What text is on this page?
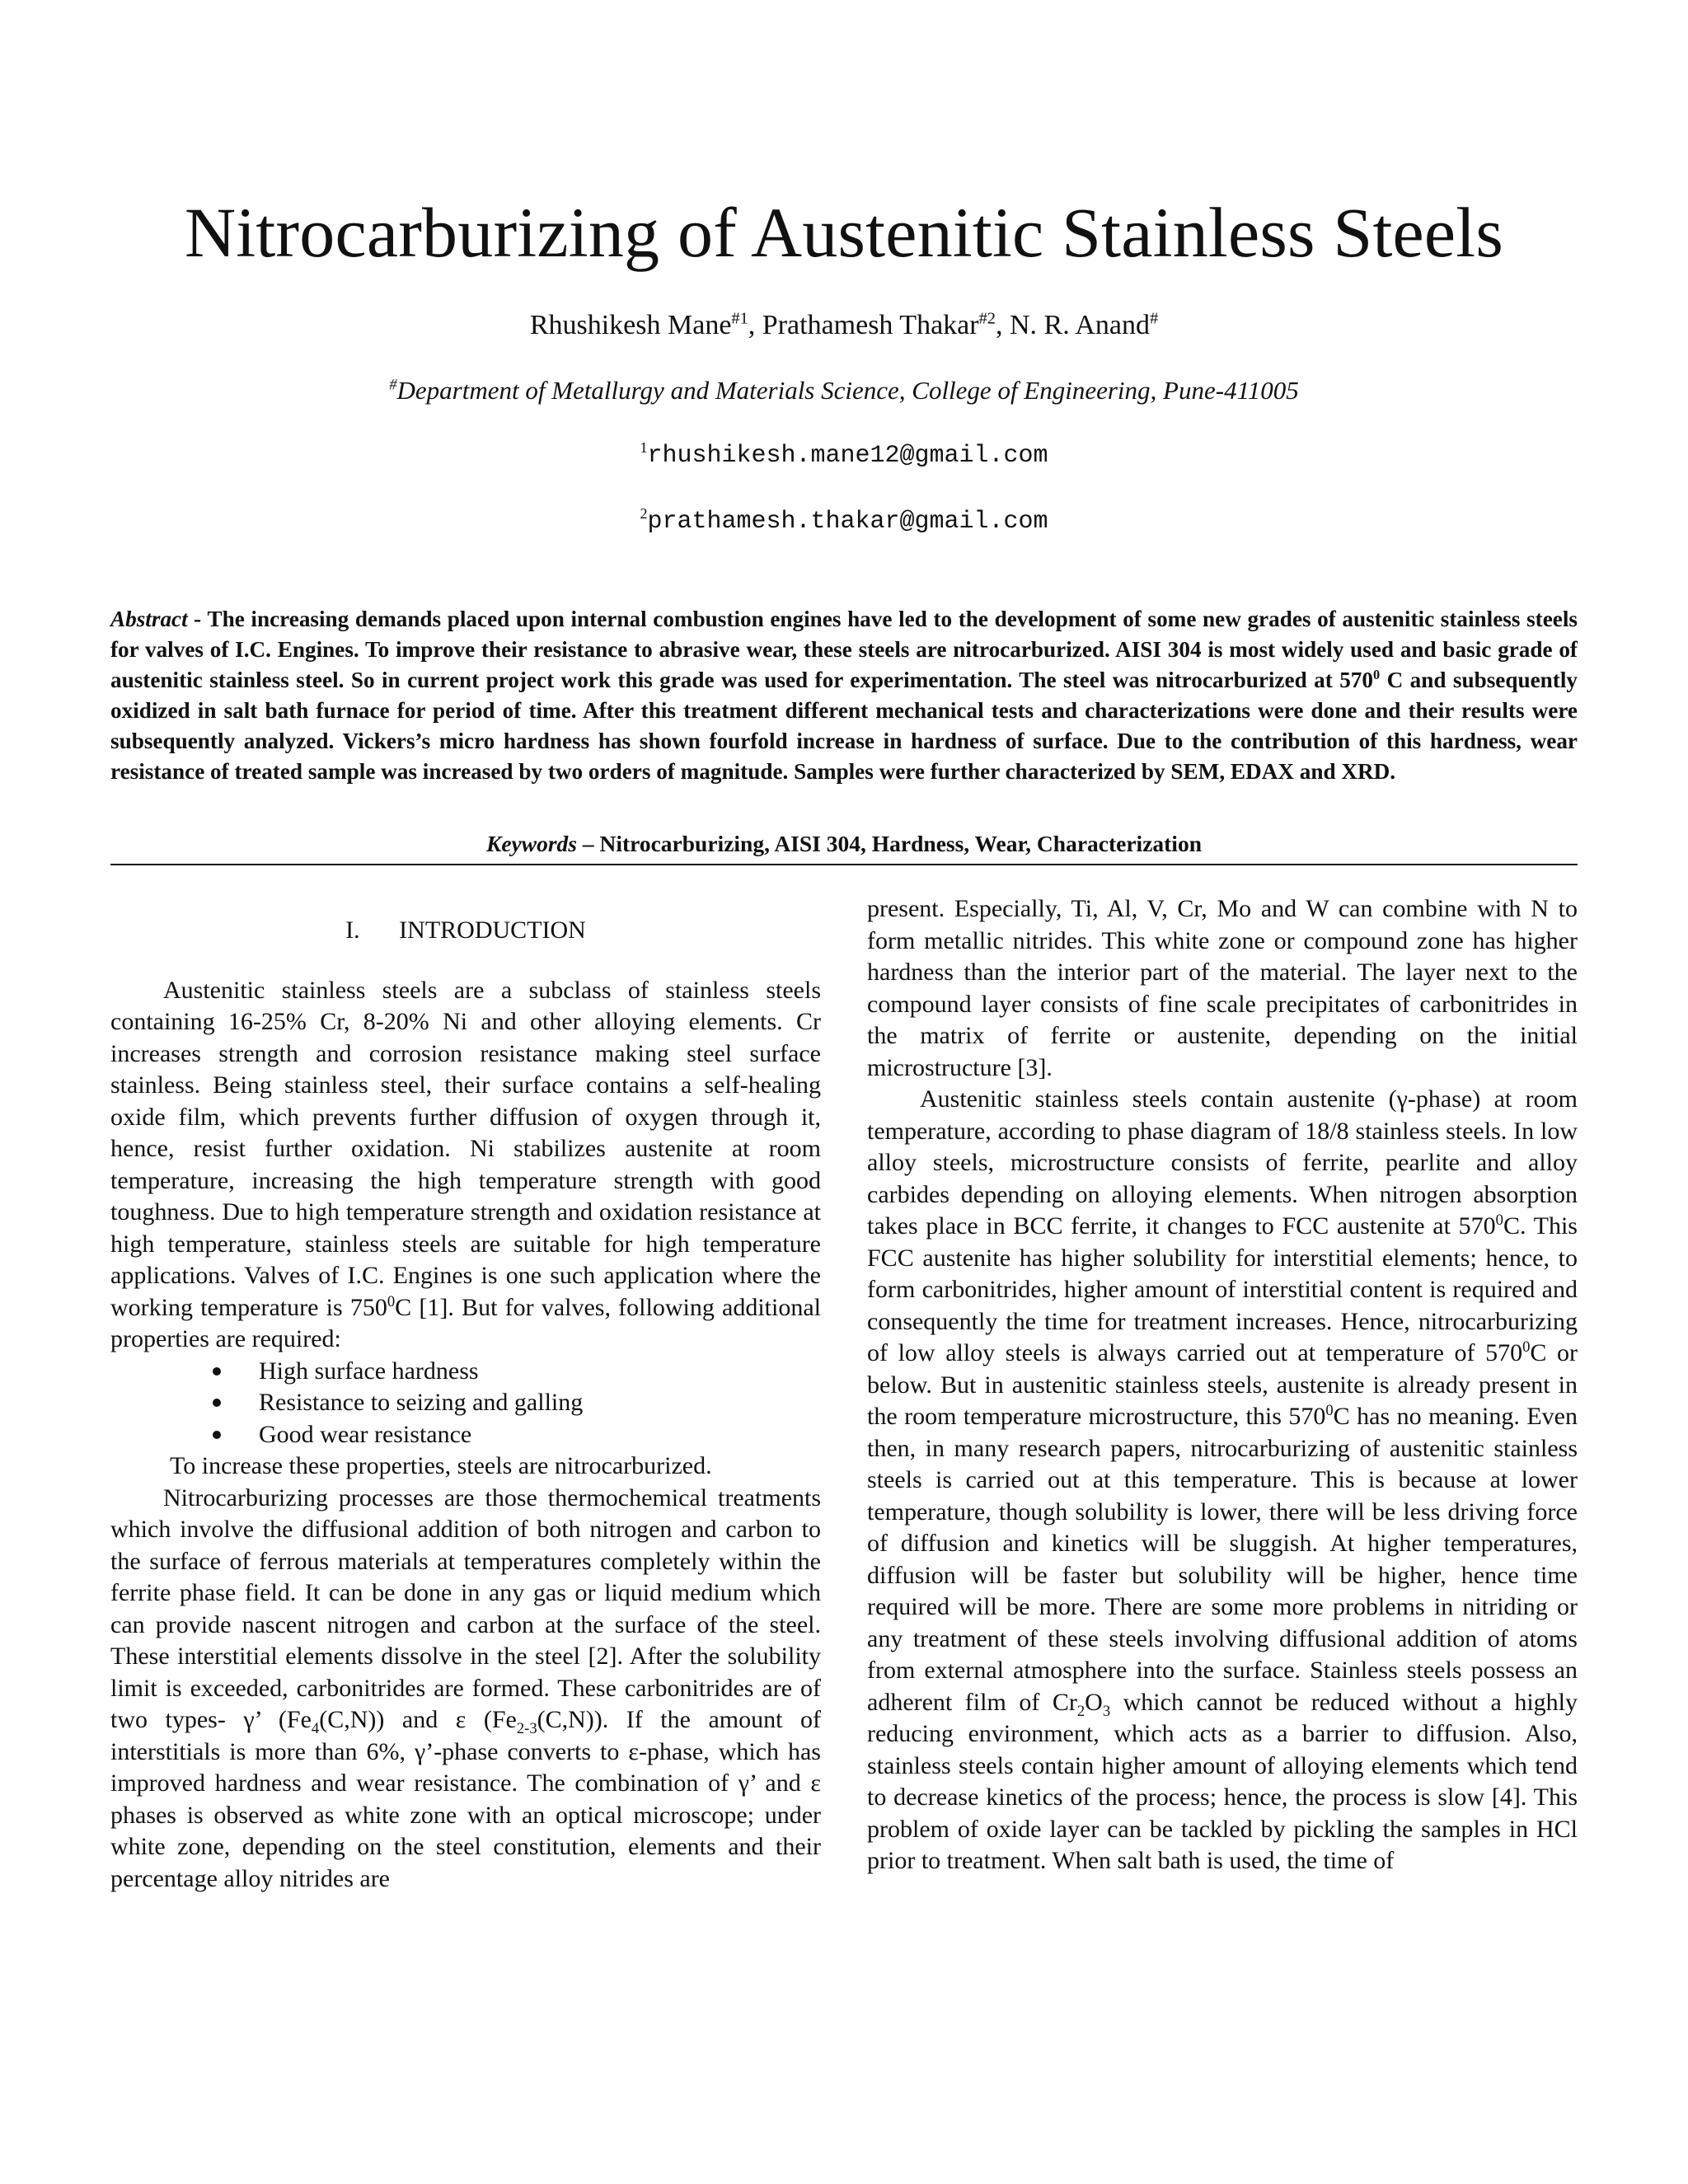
Nitrocarburizing of Austenitic Stainless Steels
Rhushikesh Mane$^{\#1}$, Prathamesh Thakar$^{\#2}$, N. R. Anand#
#Department of Metallurgy and Materials Science, College of Engineering, Pune-411005
$^1$rhushikesh.mane12@gmail.com
$^2$prathamesh.thakar@gmail.com
Abstract - The increasing demands placed upon internal combustion engines have led to the development of some new grades of austenitic stainless steels for valves of I.C. Engines. To improve their resistance to abrasive wear, these steels are nitrocarburized. AISI 304 is most widely used and basic grade of austenitic stainless steel. So in current project work this grade was used for experimentation. The steel was nitrocarburized at $570^0$ C and subsequently oxidized in salt bath furnace for period of time. After this treatment different mechanical tests and characterizations were done and their results were subsequently analyzed. Vickers’s micro hardness has shown fourfold increase in hardness of surface. Due to the contribution of this hardness, wear resistance of treated sample was increased by two orders of magnitude. Samples were further characterized by SEM, EDAX and XRD.
Keywords – Nitrocarburizing, AISI 304, Hardness, Wear, Characterization
I. INTRODUCTION

Austenitic stainless steels are a subclass of stainless steels containing 16-25% Cr, 8-20% Ni and other alloying elements. Cr increases strength and corrosion resistance making steel surface stainless. Being stainless steel, their surface contains a self-healing oxide film, which prevents further diffusion of oxygen through it, hence, resist further oxidation. Ni stabilizes austenite at room temperature, increasing the high temperature strength with good toughness. Due to high temperature strength and oxidation resistance at high temperature, stainless steels are suitable for high temperature applications. Valves of I.C. Engines is one such application where the working temperature is $750^0C$ [1]. But for valves, following additional properties are required:

High surface hardness
Resistance to seizing and galling
Good wear resistance

To increase these properties, steels are nitrocarburized.

Nitrocarburizing processes are those thermochemical treatments which involve the diffusional addition of both nitrogen and carbon to the surface of ferrous materials at temperatures completely within the ferrite phase field. It can be done in any gas or liquid medium which can provide nascent nitrogen and carbon at the surface of the steel. These interstitial elements dissolve in the steel [2]. After the solubility limit is exceeded, carbonitrides are formed. These carbonitrides are of two types- γ’ $(Fe_4(C,N))$ and ε $(Fe_{2-3}(C,N))$. If the amount of interstitials is more than 6%, γ’-phase converts to ε-phase, which has improved hardness and wear resistance. The combination of γ’ and ε phases is observed as white zone with an optical microscope; under white zone, depending on the steel constitution, elements and their percentage alloy nitrides are

present. Especially, Ti, Al, V, Cr, Mo and W can combine with N to form metallic nitrides. This white zone or compound zone has higher hardness than the interior part of the material. The layer next to the compound layer consists of fine scale precipitates of carbonitrides in the matrix of ferrite or austenite, depending on the initial microstructure [3].

Austenitic stainless steels contain austenite (γ-phase) at room temperature, according to phase diagram of 18/8 stainless steels. In low alloy steels, microstructure consists of ferrite, pearlite and alloy carbides depending on alloying elements. When nitrogen absorption takes place in BCC ferrite, it changes to FCC austenite at $570^0C$. This FCC austenite has higher solubility for interstitial elements; hence, to form carbonitrides, higher amount of interstitial content is required and consequently the time for treatment increases. Hence, nitrocarburizing of low alloy steels is always carried out at temperature of $570^0C$ or below. But in austenitic stainless steels, austenite is already present in the room temperature microstructure, this $570^0C$ has no meaning. Even then, in many research papers, nitrocarburizing of austenitic stainless steels is carried out at this temperature. This is because at lower temperature, though solubility is lower, there will be less driving force of diffusion and kinetics will be sluggish. At higher temperatures, diffusion will be faster but solubility will be higher, hence time required will be more. There are some more problems in nitriding or any treatment of these steels involving diffusional addition of atoms from external atmosphere into the surface. Stainless steels possess an adherent film of $Cr_2O_3$ which cannot be reduced without a highly reducing environment, which acts as a barrier to diffusion. Also, stainless steels contain higher amount of alloying elements which tend to decrease kinetics of the process; hence, the process is slow [4]. This problem of oxide layer can be tackled by pickling the samples in HCl prior to treatment. When salt bath is used, the time of
